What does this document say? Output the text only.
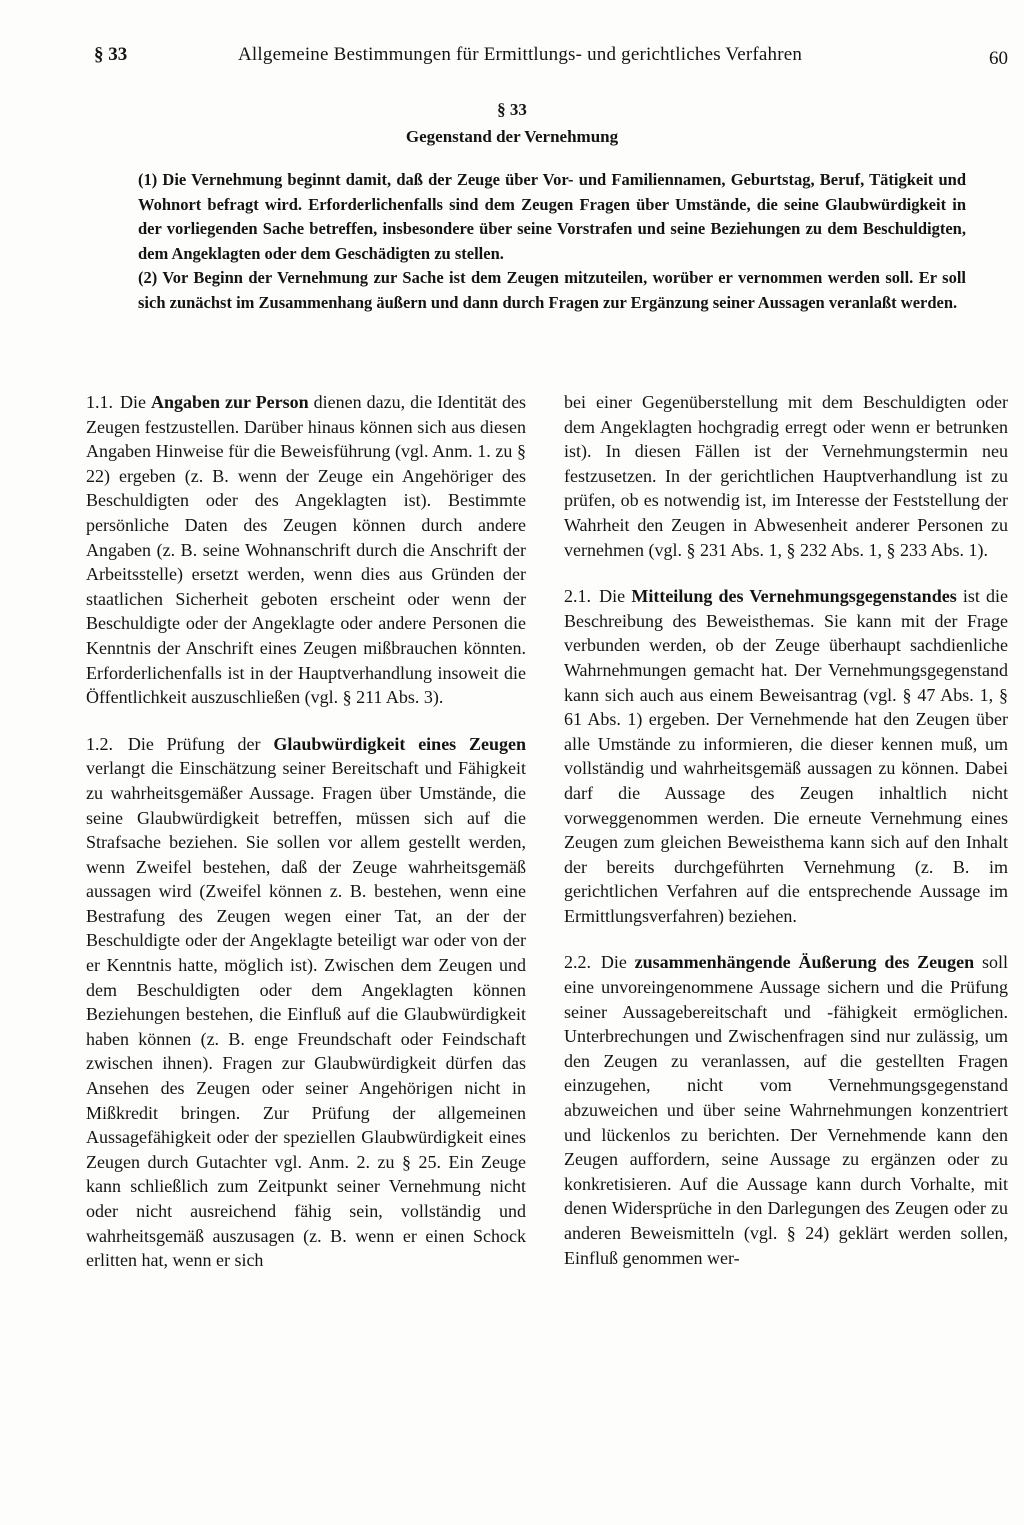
§ 33	Allgemeine Bestimmungen für Ermittlungs- und gerichtliches Verfahren	60
§ 33
Gegenstand der Vernehmung

(1) Die Vernehmung beginnt damit, daß der Zeuge über Vor- und Familiennamen, Geburtstag, Beruf, Tätigkeit und Wohnort befragt wird. Erforderlichenfalls sind dem Zeugen Fragen über Umstände, die seine Glaubwürdigkeit in der vorliegenden Sache betreffen, insbesondere über seine Vorstrafen und seine Beziehungen zu dem Beschuldigten, dem Angeklagten oder dem Geschädigten zu stellen.

(2) Vor Beginn der Vernehmung zur Sache ist dem Zeugen mitzuteilen, worüber er vernommen werden soll. Er soll sich zunächst im Zusammenhang äußern und dann durch Fragen zur Ergänzung seiner Aussagen veranlaßt werden.

1.1. Die Angaben zur Person dienen dazu, die Identität des Zeugen festzustellen. Darüber hinaus können sich aus diesen Angaben Hinweise für die Beweisführung (vgl. Anm. 1. zu § 22) ergeben (z. B. wenn der Zeuge ein Angehöriger des Beschuldigten oder des Angeklagten ist). Bestimmte persönliche Daten des Zeugen können durch andere Angaben (z. B. seine Wohnanschrift durch die Anschrift der Arbeitsstelle) ersetzt werden, wenn dies aus Gründen der staatlichen Sicherheit geboten erscheint oder wenn der Beschuldigte oder der Angeklagte oder andere Personen die Kenntnis der Anschrift eines Zeugen mißbrauchen könnten. Erforderlichenfalls ist in der Hauptverhandlung insoweit die Öffentlichkeit auszuschließen (vgl. § 211 Abs. 3).

1.2. Die Prüfung der Glaubwürdigkeit eines Zeugen verlangt die Einschätzung seiner Bereitschaft und Fähigkeit zu wahrheitsgemäßer Aussage. Fragen über Umstände, die seine Glaubwürdigkeit betreffen, müssen sich auf die Strafsache beziehen. Sie sollen vor allem gestellt werden, wenn Zweifel bestehen, daß der Zeuge wahrheitsgemäß aussagen wird (Zweifel können z. B. bestehen, wenn eine Bestrafung des Zeugen wegen einer Tat, an der der Beschuldigte oder der Angeklagte beteiligt war oder von der er Kenntnis hatte, möglich ist). Zwischen dem Zeugen und dem Beschuldigten oder dem Angeklagten können Beziehungen bestehen, die Einfluß auf die Glaubwürdigkeit haben können (z. B. enge Freundschaft oder Feindschaft zwischen ihnen). Fragen zur Glaubwürdigkeit dürfen das Ansehen des Zeugen oder seiner Angehörigen nicht in Mißkredit bringen. Zur Prüfung der allgemeinen Aussagefähigkeit oder der speziellen Glaubwürdigkeit eines Zeugen durch Gutachter vgl. Anm. 2. zu § 25. Ein Zeuge kann schließlich zum Zeitpunkt seiner Vernehmung nicht oder nicht ausreichend fähig sein, vollständig und wahrheitsgemäß auszusagen (z. B. wenn er einen Schock erlitten hat, wenn er sich

bei einer Gegenüberstellung mit dem Beschuldigten oder dem Angeklagten hochgradig erregt oder wenn er betrunken ist). In diesen Fällen ist der Vernehmungstermin neu festzusetzen. In der gerichtlichen Hauptverhandlung ist zu prüfen, ob es notwendig ist, im Interesse der Feststellung der Wahrheit den Zeugen in Abwesenheit anderer Personen zu vernehmen (vgl. § 231 Abs. 1, § 232 Abs. 1, § 233 Abs. 1).

2.1. Die Mitteilung des Vernehmungsgegenstandes ist die Beschreibung des Beweisthemas. Sie kann mit der Frage verbunden werden, ob der Zeuge überhaupt sachdienliche Wahrnehmungen gemacht hat. Der Vernehmungsgegenstand kann sich auch aus einem Beweisantrag (vgl. § 47 Abs. 1, § 61 Abs. 1) ergeben. Der Vernehmende hat den Zeugen über alle Umstände zu informieren, die dieser kennen muß, um vollständig und wahrheitsgemäß aussagen zu können. Dabei darf die Aussage des Zeugen inhaltlich nicht vorweggenommen werden. Die erneute Vernehmung eines Zeugen zum gleichen Beweisthema kann sich auf den Inhalt der bereits durchgeführten Vernehmung (z. B. im gerichtlichen Verfahren auf die entsprechende Aussage im Ermittlungsverfahren) beziehen.

2.2. Die zusammenhängende Äußerung des Zeugen soll eine unvoreingenommene Aussage sichern und die Prüfung seiner Aussagebereitschaft und -fähigkeit ermöglichen. Unterbrechungen und Zwischenfragen sind nur zulässig, um den Zeugen zu veranlassen, auf die gestellten Fragen einzugehen, nicht vom Vernehmungsgegenstand abzuweichen und über seine Wahrnehmungen konzentriert und lückenlos zu berichten. Der Vernehmende kann den Zeugen auffordern, seine Aussage zu ergänzen oder zu konkretisieren. Auf die Aussage kann durch Vorhalte, mit denen Widersprüche in den Darlegungen des Zeugen oder zu anderen Beweismitteln (vgl. § 24) geklärt werden sollen, Einfluß genommen wer-
